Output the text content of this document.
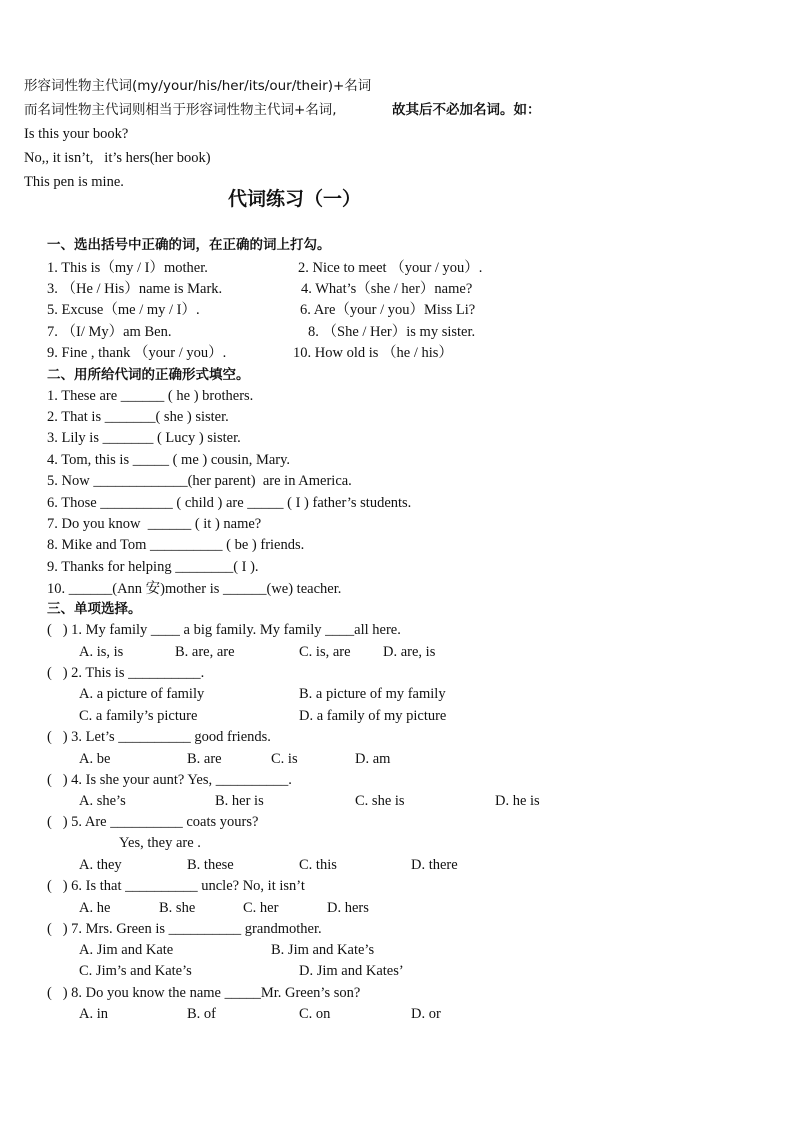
形容词性物主代词(my/your/his/her/its/our/their)+名词
而名词性物主代词则相当于形容词性物主代词+名词,	故其后不必加名词。如：
Is this your book?
No,, it isn’t,   it’s hers(her book)
This pen is mine.
代词练习（一）
一、选出括号中正确的词，在正确的词上打勾。
二、用所给代词的正确形式填空。
三、单项选择。
1. This is（my / I）mother.	2. Nice to meet （your / you）.
3. （He / His）name is Mark.	4. What’s（she / her）name?
5. Excuse（me / my / I）.	6. Are（your / you）Miss Li?
7. （I/ My）am Ben.	8. （She / Her）is my sister.
9. Fine , thank （your / you）.	10. How old is （he / his）
1. These are ______ ( he ) brothers.
2. That is _______( she ) sister.
3. Lily is _______ ( Lucy ) sister.
4. Tom, this is _____ ( me ) cousin, Mary.
5. Now _____________(her parent)  are in America.
6. Those __________ ( child ) are _____ ( I ) father’s students.
7. Do you know  ______ ( it ) name?
8. Mike and Tom __________ ( be ) friends.
9. Thanks for helping ________( I ).
10. ______(Ann 安)mother is ______(we) teacher.
(   ) 1. My family ____ a big family. My family ____all here.
A. is, is	B. are, are	C. is, are D. are, is
(   ) 2. This is __________.
A. a picture of family	B. a picture of my family
C. a family’s picture	D. a family of my picture
(   ) 3. Let’s __________ good friends.
A. be	B. are	C. is	D. am
(   ) 4. Is she your aunt? Yes, __________.
A. she’s	B. her is	C. she is	D. he is
(   ) 5. Are __________ coats yours?
Yes, they are .
A. they	B. these	C. this	D. there
(   ) 6. Is that __________ uncle? No, it isn’t
A. he	B. she	C. her	D. hers
(   ) 7. Mrs. Green is __________ grandmother.
A. Jim and Kate	B. Jim and Kate’s
C. Jim’s and Kate’s	D. Jim and Kates’
(   ) 8. Do you know the name _____Mr. Green’s son?
A. in	B. of	C. on	D. or
